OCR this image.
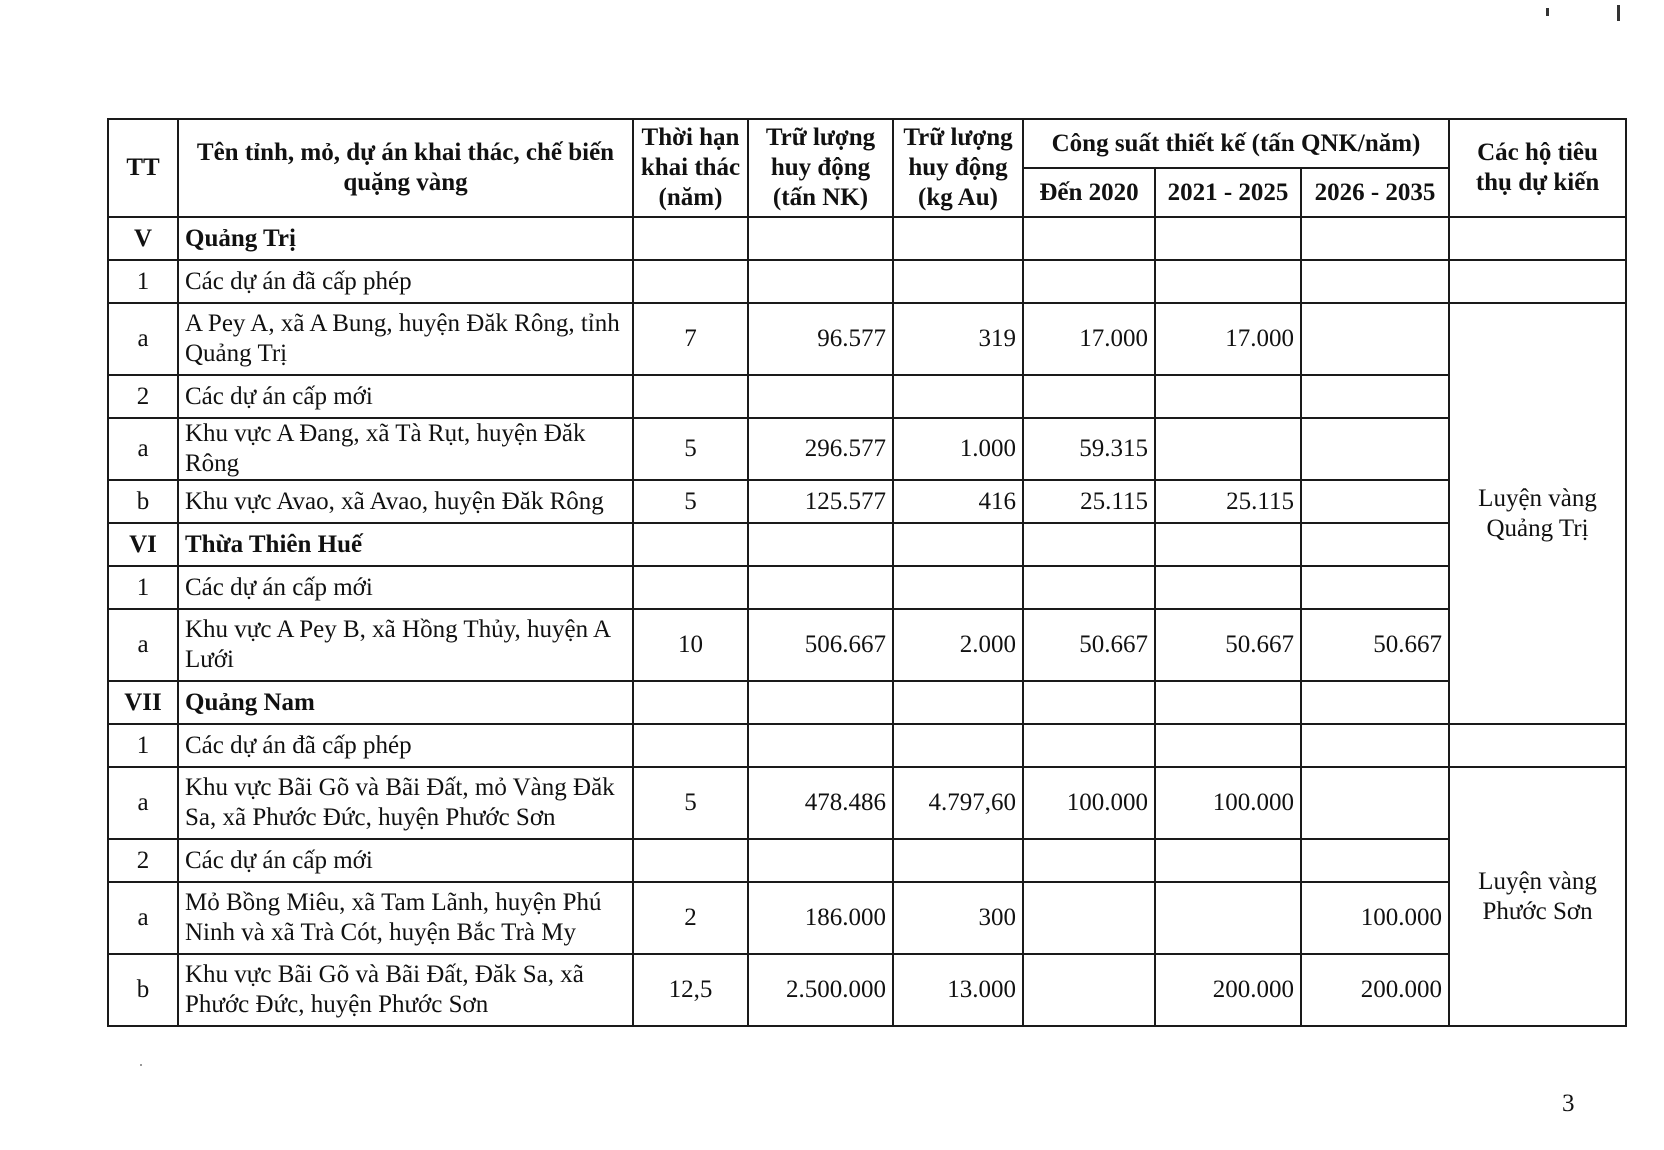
TT	Tên tỉnh, mỏ, dự án khai thác, chế biến quặng vàng	Thời hạn khai thác (năm)	Trữ lượng huy động (tấn NK)	Trữ lượng huy động (kg Au)	Công suất thiết kế (tấn QNK/năm)			Các hộ tiêu thụ dự kiến	
					Đến 2020	2021 - 2025	2026 - 2035		
V	Quảng Trị								
1	Các dự án đã cấp phép								
a	A Pey A, xã A Bung, huyện Đăk Rông, tỉnh Quảng Trị	7	96.577	319	17.000	17.000		Luyện vàng Quảng Trị	
2	Các dự án cấp mới								
a	Khu vực A Đang, xã Tà Rụt, huyện Đăk Rông	5	296.577	1.000	59.315				
b	Khu vực Avao, xã Avao, huyện Đăk Rông	5	125.577	416	25.115	25.115			
VI	Thừa Thiên Huế								
1	Các dự án cấp mới								
a	Khu vực A Pey B, xã Hồng Thủy, huyện A Lưới	10	506.667	2.000	50.667	50.667	50.667		
VII	Quảng Nam								
1	Các dự án đã cấp phép								
a	Khu vực Bãi Gõ và Bãi Đất, mỏ Vàng Đăk Sa, xã Phước Đức, huyện Phước Sơn	5	478.486	4.797,60	100.000	100.000		Luyện vàng Phước Sơn	
2	Các dự án cấp mới								
a	Mỏ Bồng Miêu, xã Tam Lãnh, huyện Phú Ninh và xã Trà Cót, huyện Bắc Trà My	2	186.000	300			100.000		
b	Khu vực Bãi Gõ và Bãi Đất, Đăk Sa, xã Phước Đức, huyện Phước Sơn	12,5	2.500.000	13.000		200.000	200.000		
3
